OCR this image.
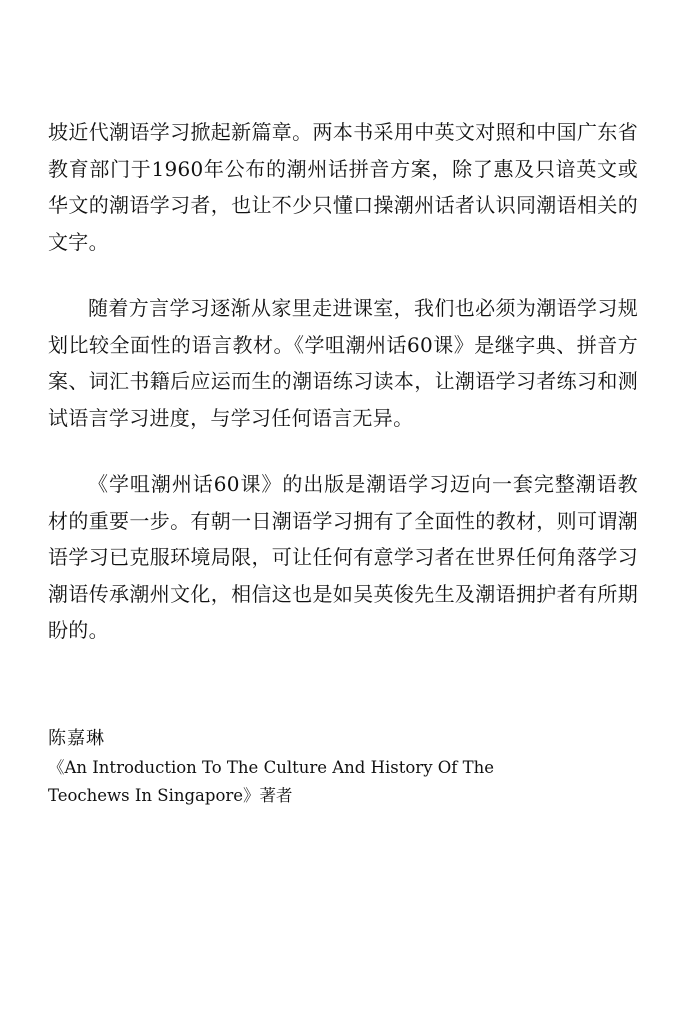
坡近代潮语学习掀起新篇章。两本书采用中英文对照和中国广东省教育部门于1960年公布的潮州话拼音方案，除了惠及只谙英文或华文的潮语学习者，也让不少只懂口操潮州话者认识同潮语相关的文字。

随着方言学习逐渐从家里走进课室，我们也必须为潮语学习规划比较全面性的语言教材。《学咀潮州话60课》是继字典、拼音方案、词汇书籍后应运而生的潮语练习读本，让潮语学习者练习和测试语言学习进度，与学习任何语言无异。

《学咀潮州话60课》的出版是潮语学习迈向一套完整潮语教材的重要一步。有朝一日潮语学习拥有了全面性的教材，则可谓潮语学习已克服环境局限，可让任何有意学习者在世界任何角落学习潮语传承潮州文化，相信这也是如吴英俊先生及潮语拥护者有所期盼的。

陈嘉琳
《An Introduction To The Culture And History Of The Teochews In Singapore》著者
